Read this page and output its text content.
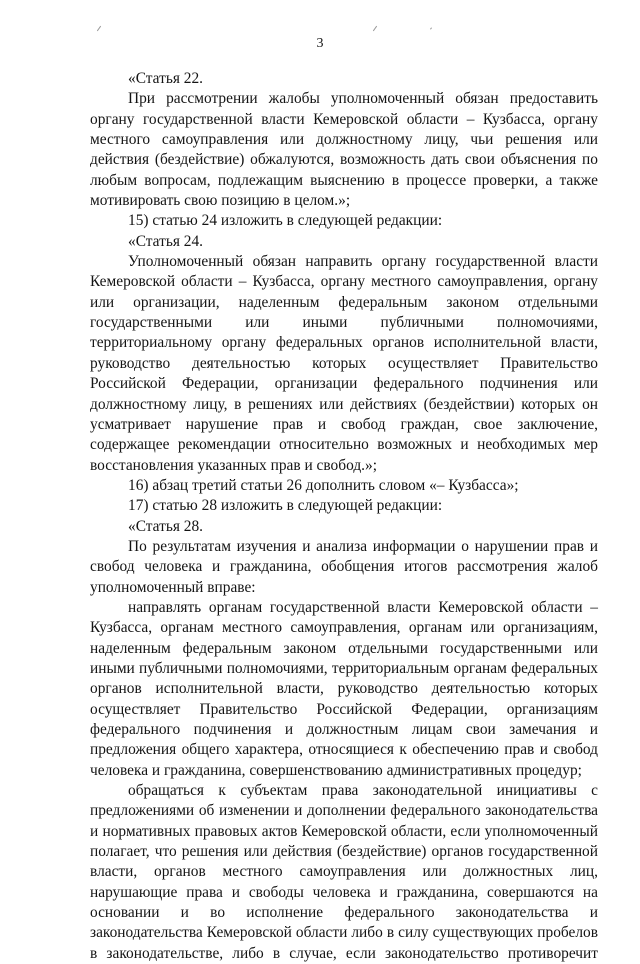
3

«Статья 22.

При рассмотрении жалобы уполномоченный обязан предоставить органу государственной власти Кемеровской области – Кузбасса, органу местного самоуправления или должностному лицу, чьи решения или действия (бездействие) обжалуются, возможность дать свои объяснения по любым вопросам, подлежащим выяснению в процессе проверки, а также мотивировать свою позицию в целом.»;

15) статью 24 изложить в следующей редакции:

«Статья 24.

Уполномоченный обязан направить органу государственной власти Кемеровской области – Кузбасса, органу местного самоуправления, органу или организации, наделенным федеральным законом отдельными государственными или иными публичными полномочиями, территориальному органу федеральных органов исполнительной власти, руководство деятельностью которых осуществляет Правительство Российской Федерации, организации федерального подчинения или должностному лицу, в решениях или действиях (бездействии) которых он усматривает нарушение прав и свобод граждан, свое заключение, содержащее рекомендации относительно возможных и необходимых мер восстановления указанных прав и свобод.»;

16) абзац третий статьи 26 дополнить словом «– Кузбасса»;

17) статью 28 изложить в следующей редакции:

«Статья 28.

По результатам изучения и анализа информации о нарушении прав и свобод человека и гражданина, обобщения итогов рассмотрения жалоб уполномоченный вправе:

направлять органам государственной власти Кемеровской области – Кузбасса, органам местного самоуправления, органам или организациям, наделенным федеральным законом отдельными государственными или иными публичными полномочиями, территориальным органам федеральных органов исполнительной власти, руководство деятельностью которых осуществляет Правительство Российской Федерации, организациям федерального подчинения и должностным лицам свои замечания и предложения общего характера, относящиеся к обеспечению прав и свобод человека и гражданина, совершенствованию административных процедур;

обращаться к субъектам права законодательной инициативы с предложениями об изменении и дополнении федерального законодательства и нормативных правовых актов Кемеровской области, если уполномоченный полагает, что решения или действия (бездействие) органов государственной власти, органов местного самоуправления или должностных лиц, нарушающие права и свободы человека и гражданина, совершаются на основании и во исполнение федерального законодательства и законодательства Кемеровской области либо в силу существующих пробелов в законодательстве, либо в случае, если законодательство противоречит
